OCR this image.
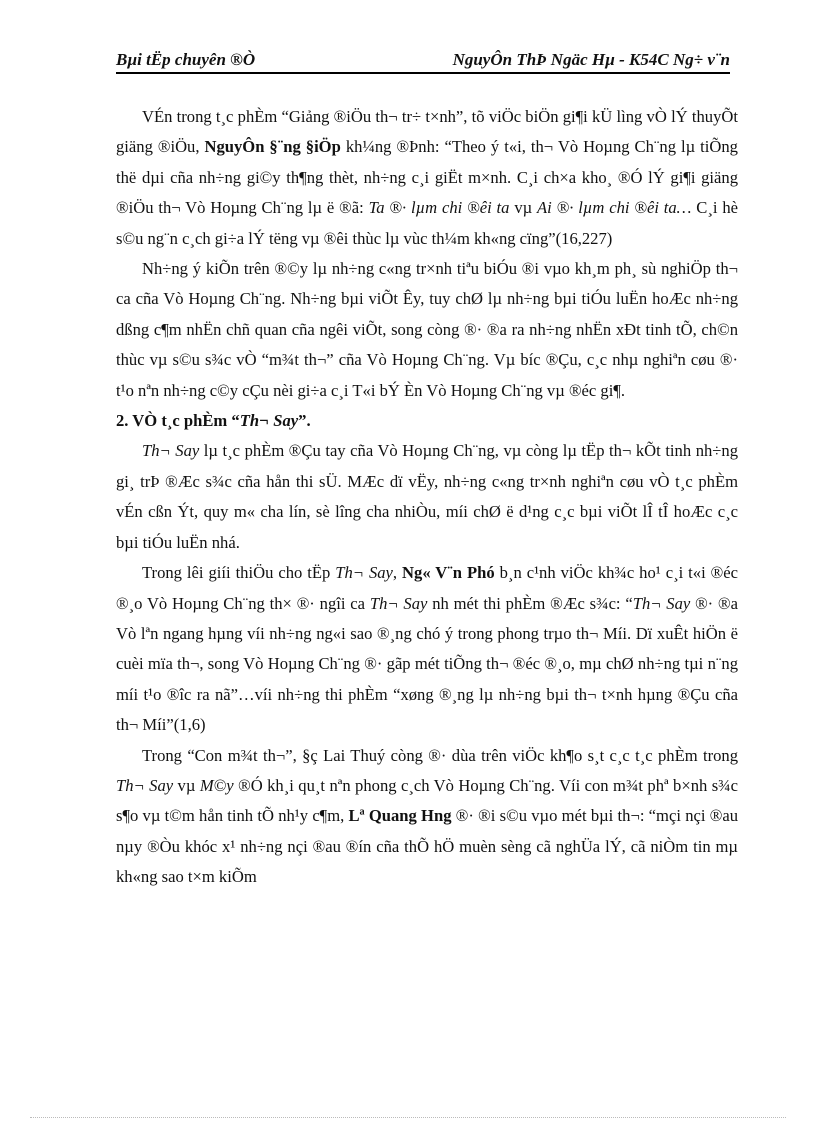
Bµi tËp chuyên ®Ò	NguyÔn ThÞ Ngäc Hµ - K54C Ng÷ v¨n

VÉn trong t¸c phÈm “Giảng ®iÖu th¬ tr÷ t×nh”, tõ viÖc biÖn gi¶i kÜ lìng vÒ lÝ thuyÕt giäng ®iÖu, NguyÔn §¨ng §iÖp kh¼ng ®Þnh: “Theo ý t«i, th¬ Vò Hoµng Ch¨ng lµ tiÕng thë dµi cña nh÷ng gi©y th¶ng thèt, nh÷ng c¸i giËt m×nh. C¸i ch×a kho¸ ®Ó lÝ gi¶i giäng ®iÖu th¬ Vò Hoµng Ch¨ng lµ ë ®ã: Ta ®· lµm chi ®êi ta vµ Ai ®· lµm chi ®êi ta… C¸i hè s©u ng¨n c¸ch gi÷a lÝ tëng vµ ®êi thùc lµ vùc th¼m kh«ng cïng”(16,227)

Nh÷ng ý kiÕn trên ®©y lµ nh÷ng c«ng tr×nh tiªu biÓu ®i vµo kh¸m ph¸ sù nghiÖp th¬ ca cña Vò Hoµng Ch¨ng. Nh÷ng bµi viÕt Êy, tuy chØ lµ nh÷ng bµi tiÓu luËn hoÆc nh÷ng dßng c¶m nhËn chñ quan cña ngêi viÕt, song còng ®· ®a ra nh÷ng nhËn xÐt tinh tÕ, ch©n thùc vµ s©u s¾c vÒ “m¾t th¬” cña Vò Hoµng Ch¨ng. Vµ bíc ®Çu, c¸c nhµ nghiªn cøu ®· t¹o nªn nh÷ng c©y cÇu nèi gi÷a c¸i T«i bÝ Èn Vò Hoµng Ch¨ng vµ ®éc gi¶.

2. VÒ t¸c phÈm “Th¬ Say”.

Th¬ Say lµ t¸c phÈm ®Çu tay cña Vò Hoµng Ch¨ng, vµ còng lµ tËp th¬ kÕt tinh nh÷ng gi¸ trÞ ®Æc s¾c cña hån thi sÜ. MÆc dï vËy, nh÷ng c«ng tr×nh nghiªn cøu vÒ t¸c phÈm vÉn cßn Ýt, quy m« cha lín, sè lîng cha nhiÒu, míi chØ ë d¹ng c¸c bµi viÕt lÎ tÎ hoÆc c¸c bµi tiÓu luËn nhá.

Trong lêi giíi thiÖu cho tËp Th¬ Say, Ng« V¨n Phó b¸n c¹nh viÖc kh¾c ho¹ c¸i t«i ®éc ®¸o Vò Hoµng Ch¨ng th× ®· ngîi ca Th¬ Say nh mét thi phÈm ®Æc s¾c: “Th¬ Say ®· ®a Vò lªn ngang hµng víi nh÷ng ng«i sao ®¸ng chó ý trong phong trµo th¬ Míi. Dï xuÊt hiÖn ë cuèi mïa th¬, song Vò Hoµng Ch¨ng ®· gãp mét tiÕng th¬ ®éc ®¸o, mµ chØ nh÷ng tµi n¨ng míi t¹o ®îc ra nã”…víi nh÷ng thi phÈm “xøng ®¸ng lµ nh÷ng bµi th¬ t×nh hµng ®Çu cña th¬ Míi”(1,6)

Trong “Con m¾t th¬”, §ç Lai Thuý còng ®· dùa trên viÖc kh¶o s¸t c¸c t¸c phÈm trong Th¬ Say vµ M©y ®Ó kh¸i qu¸t nªn phong c¸ch Vò Hoµng Ch¨ng. Víi con m¾t phª b×nh s¾c s¶o vµ t©m hån tinh tÕ nh¹y c¶m, Lª Quang Hng ®· ®i s©u vµo mét bµi th¬: “mçi nçi ®au nµy ®Òu khóc x¹ nh÷ng nçi ®au ®ín cña thÕ hÖ muèn sèng cã nghÜa lÝ, cã niÒm tin mµ kh«ng sao t×m kiÕm
